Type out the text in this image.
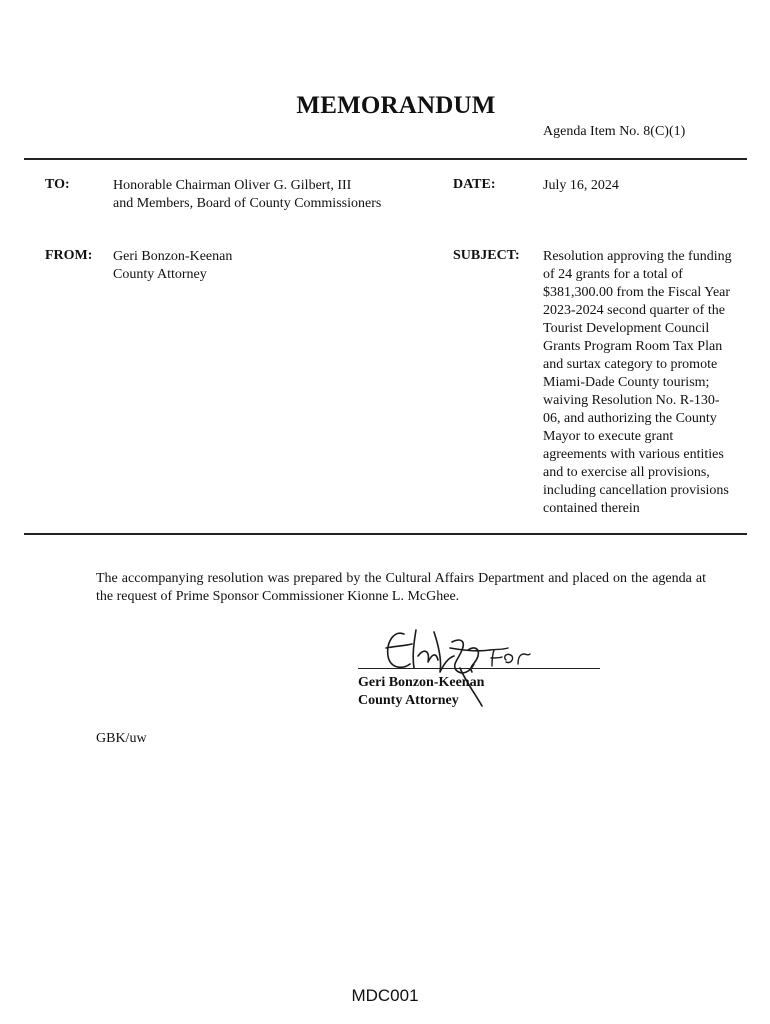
MEMORANDUM
Agenda Item No. 8(C)(1)
TO:	Honorable Chairman Oliver G. Gilbert, III
and Members, Board of County Commissioners
DATE:	July 16, 2024
FROM: Geri Bonzon-Keenan
County Attorney
SUBJECT: Resolution approving the funding
of 24 grants for a total of
$381,300.00 from the Fiscal Year
2023-2024 second quarter of the
Tourist Development Council
Grants Program Room Tax Plan
and surtax category to promote
Miami-Dade County tourism;
waiving Resolution No. R-130-
06, and authorizing the County
Mayor to execute grant
agreements with various entities
and to exercise all provisions,
including cancellation provisions
contained therein
The accompanying resolution was prepared by the Cultural Affairs Department and placed on the agenda at the request of Prime Sponsor Commissioner Kionne L. McGhee.
For
Geri Bonzon-Keenan
County Attorney
GBK/uw
MDC001
